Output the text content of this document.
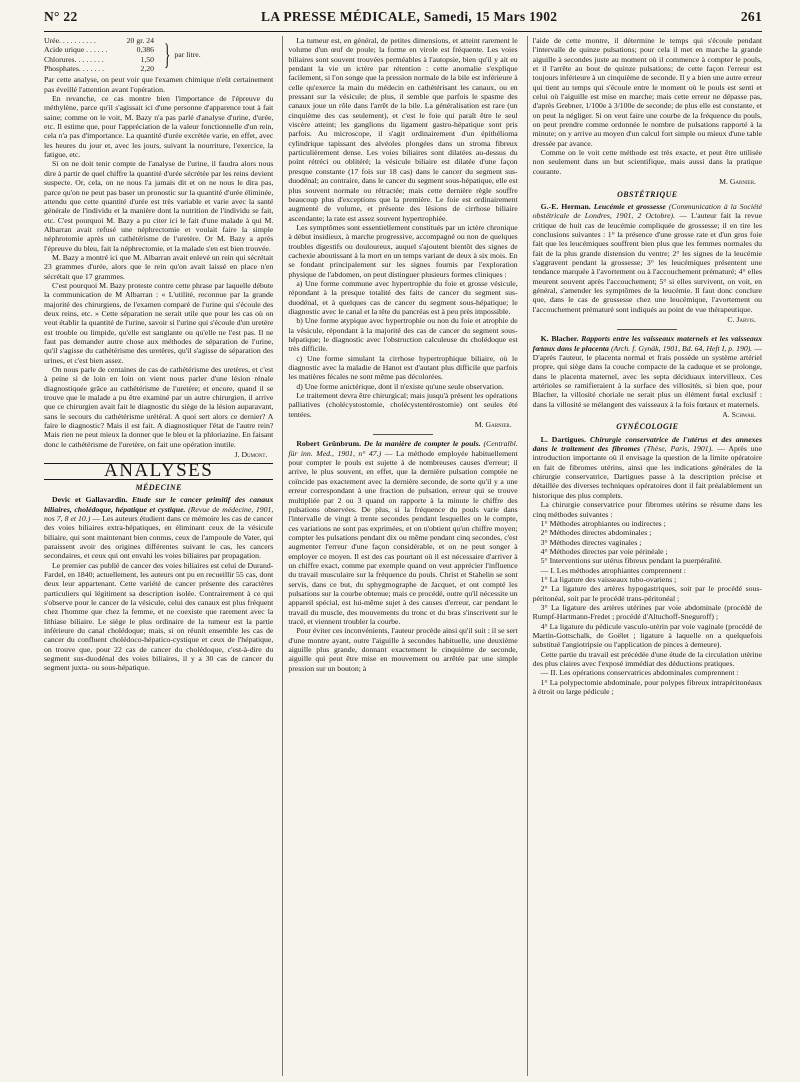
N° 22	LA PRESSE MÉDICALE, Samedi, 15 Mars 1902	261
Urée. . . . . . . . . .
Acide urique . . . . . .
Chlorures. . . . . . . .
Phosphates. . . . . . .
20 gr. 24
0,386
1,50
2,20 } par litre.

Par cette analyse, on peut voir que l'examen chimique n'eût certainement pas éveillé l'attention avant l'opération.

En revanche, ce cas montre bien l'importance de l'épreuve du méthylène, parce qu'il s'agissait ici d'une personne d'apparence tout à fait saine; comme on le voit, M. Bazy n'a pas parlé d'analyse d'urine, d'urée, etc. Il estime que, pour l'appréciation de la valeur fonctionnelle d'un rein, cela n'a pas d'importance. La quantité d'urée excrétée varie, en effet, avec les heures du jour et, avec les jours, suivant la nourriture, l'exercice, la fatigue, etc.

Si on ne doit tenir compte de l'analyse de l'urine, il faudra alors nous dire à partir de quel chiffre la quantité d'urée sécrétée par les reins devient suspecte. Or, cela, on ne nous l'a jamais dit et on ne nous le dira pas, parce qu'on ne peut pas baser un pronostic sur la quantité d'urée éliminée, attendu que cette quantité d'urée est très variable et varie avec la santé générale de l'individu et la manière dont la nutrition de l'individu se fait, etc. C'est pourquoi M. Bazy a pu citer ici le fait d'une malade à qui M. Albarran avait refusé une néphrectomie et voulait faire la simple néphrotomie après un cathétérisme de l'uretère. Or M. Bazy a après l'épreuve du bleu, fait la néphrectomie, et la malade s'en est bien trouvée.

M. Bazy a montré ici que M. Albarran avait enlevé un rein qui sécrétait 23 grammes d'urée, alors que le rein qu'on avait laissé en place n'en sécrétait que 17 grammes.

C'est pourquoi M. Bazy proteste contre cette phrase par laquelle débute la communication de M Albarran : « L'utilité, reconnue par la grande majorité des chirurgiens, de l'examen comparé de l'urine qui s'écoule des deux reins, etc. » Cette séparation ne serait utile que pour les cas où on veut établir la quantité de l'urine, savoir si l'urine qui s'écoule d'un uretère est trouble ou limpide, qu'elle est sanglante ou qu'elle ne l'est pas. Il ne faut pas demander autre chose aux méthodes de séparation de l'urine, qu'il s'agisse du cathétérisme des uretères, qu'il s'agisse de séparation des urines, et c'est bien assez.

On nous parle de centaines de cas de cathétérisme des uretères, et c'est à peine si de loin en loin on vient nous parler d'une lésion rénale diagnostiquée grâce au cathétérisme de l'uretère; et encore, quand il se trouve que le malade a pu être examiné par un autre chirurgien, il arrive que ce chirurgien avait fait le diagnostic du siège de la lésion auparavant, sans le secours du cathétérisme urétéral. A quoi sert alors ce dernier? A faire le diagnostic? Mais il est fait. A diagnostiquer l'état de l'autre rein? Mais rien ne peut mieux la donner que le bleu et la phloriazine. En faisant donc le cathétérisme de l'uretère, on fait une opération inutile.

J. Dumont.
ANALYSES
MÉDECINE

Devic et Gallavardin. Etude sur le cancer primitif des canaux biliaires, cholédoque, hépatique et cystique. (Revue de médecine, 1901, nos 7, 8 et 10.) — Les auteurs étudient dans ce mémoire les cas de cancer des voies biliaires extra-hépatiques, en éliminant ceux de la vésicule biliaire, qui sont maintenant bien connus, ceux de l'ampoule de Vater, qui paraissent avoir des origines différentes suivant le cas, les cancers secondaires, et ceux qui ont envahi les voies biliaires par propagation.

Le premier cas publié de cancer des voies biliaires est celui de Durand-Fardel, en 1840; actuellement, les auteurs ont pu en recueillir 55 cas, dont deux leur appartenant. Cette variété de cancer présente des caractères particuliers qui légitiment sa description isolée. Contrairement à ce qui s'observe pour le cancer de la vésicule, celui des canaux est plus fréquent chez l'homme que chez la femme, et ne coexiste que rarement avec la lithiase biliaire. Le siège le plus ordinaire de la tumeur est la partie inférieure du canal cholédoque; mais, si on réunit ensemble les cas de cancer du confluent cholédoco-hépatico-cystique et ceux de l'hépatique, on trouve que, pour 22 cas de cancer du cholédoque, c'est-à-dire du segment sus-duodénal des voies biliaires, il y a 30 cas de cancer du segment juxta- ou sous-hépatique.

La tumeur est, en général, de petites dimensions, et atteint rarement le volume d'un œuf de poule; la forme en virole est fréquente. Les voies biliaires sont souvent trouvées perméables à l'autopsie, bien qu'il y ait eu pendant la vie un ictère par rétention : cette anomalie s'explique facilement, si l'on songe que la pression normale de la bile est inférieure à celle qu'exerce la main du médecin en cathétérisant les canaux, ou en pressant sur la vésicule; de plus, il semble que parfois le spasme des canaux joue un rôle dans l'arrêt de la bile. La généralisation est rare (un cinquième des cas seulement), et c'est le foie qui paraît être le seul viscère atteint; les ganglions du ligament gastro-hépatique sont pris parfois. Au microscope, il s'agit ordinairement d'un épithélioma cylindrique tapissant des alvéoles plongées dans un stroma fibreux particulièrement dense. Les voies biliaires sont dilatées au-dessus du point rétréci ou oblitéré; la vésicule biliaire est dilatée d'une façon presque constante (17 fois sur 18 cas) dans le cancer du segment sus-duodénal; au contraire, dans le cancer du segment sous-hépatique, elle est plus souvent normale ou rétractée; mais cette dernière règle souffre beaucoup plus d'exceptions que la première. Le foie est ordinairement augmenté de volume, et présente des lésions de cirrhose biliaire ascendante; la rate est assez souvent hypertrophiée.

Les symptômes sont essentiellement constitués par un ictère chronique à début insidieux, à marche progressive, accompagné ou non de quelques troubles digestifs ou douloureux, auquel s'ajoutent bientôt des signes de cachexie aboutissant à la mort en un temps variant de deux à six mois. En se fondant principalement sur les signes fournis par l'exploration physique de l'abdomen, on peut distinguer plusieurs formes cliniques :

a) Une forme commune avec hypertrophie du foie et grosse vésicule, répondant à la presque totalité des faits de cancer du segment sus-duodénal, et à quelques cas de cancer du segment sous-hépatique; le diagnostic avec le canal et la tête du pancréas est à peu près impossible.

b) Une forme atypique avec hypertrophie ou non du foie et atrophie de la vésicule, répondant à la majorité des cas de cancer du segment sous-hépatique; le diagnostic avec l'obstruction calculeuse du cholédoque est très difficile.

c) Une forme simulant la cirrhose hypertrophique biliaire, où le diagnostic avec la maladie de Hanot est d'autant plus difficile que parfois les matières fécales ne sont même pas décolorées.

d) Une forme anictérique, dont il n'existe qu'une seule observation.

Le traitement devra être chirurgical; mais jusqu'à présent les opérations palliatives (cholécystostomie, cholécystentérostomie) ont seules été tentées.

M. Garnier.

Robert Grünbrum. De la manière de compter le pouls. (Centralbl. für inn. Med., 1901, n° 47.) — La méthode employée habituellement pour compter le pouls est sujette à de nombreuses causes d'erreur; il arrive, le plus souvent, en effet, que la dernière pulsation comptée ne coïncide pas exactement avec la dernière seconde, de sorte qu'il y a une erreur correspondant à une fraction de pulsation, erreur qui se trouve multipliée par 2 ou 3 quand on rapporte à la minute le chiffre des pulsations observées. De plus, si la fréquence du pouls varie dans l'intervalle de vingt à trente secondes pendant lesquelles on le compte, ces variations ne sont pas exprimées, et on n'obtient qu'un chiffre moyen; compter les pulsations pendant dix ou même pendant cinq secondes, c'est augmenter l'erreur d'une façon considérable, et on ne peut songer à employer ce moyen. Il est des cas pourtant où il est nécessaire d'arriver à un chiffre exact, comme par exemple quand on veut apprécier l'influence du travail musculaire sur la fréquence du pouls. Christ et Stahelin se sont servis, dans ce but, du sphygmographe de Jacquet, et ont compté les pulsations sur la courbe obtenue; mais ce procédé, outre qu'il nécessite un appareil spécial, est lui-même sujet à des causes d'erreur, car pendant le travail du muscle, des mouvements du tronc et du bras s'inscrivent sur le tracé, et viennent troubler la courbe.

Pour éviter ces inconvénients, l'auteur procède ainsi qu'il suit : il se sert d'une montre ayant, outre l'aiguille à secondes habituelle, une deuxième aiguille plus grande, donnant exactement le cinquième de seconde, aiguille qui peut être mise en mouvement ou arrêtée par une simple pression sur un bouton; à

l'aide de cette montre, il détermine le temps qui s'écoule pendant l'intervalle de quinze pulsations; pour cela il met en marche la grande aiguille à secondes juste au moment où il commence à compter le pouls, et il l'arrête au bout de quinze pulsations; de cette façon l'erreur est toujours inférieure à un cinquième de seconde. Il y a bien une autre erreur qui tient au temps qui s'écoule entre le moment où le pouls est senti et celui où l'aiguille est mise en marche; mais cette erreur ne dépasse pas, d'après Grebner, 1/100e à 3/100e de seconde; de plus elle est constante, et on peut la négliger. Si on veut faire une courbe de la fréquence du pouls, on peut prendre comme ordonnée le nombre de pulsations rapporté à la minute; on y arrive au moyen d'un calcul fort simple ou mieux d'une table dressée par avance.

Comme on le voit cette méthode est très exacte, et peut être utilisée non seulement dans un but scientifique, mais aussi dans la pratique courante.

M. Garnier.
OBSTÉTRIQUE

G.-E. Herman. Leucémie et grossesse (Communication à la Société obstétricale de Londres, 1901, 2 Octobre). — L'auteur fait la revue critique de huit cas de leucémie compliquée de grossesse; il en tire les conclusions suivantes : 1° la présence d'une grosse rate et d'un gros foie fait que les leucémiques souffrent bien plus que les femmes normales du fait de la plus grande distension du ventre; 2° les signes de la leucémie s'aggravent pendant la grossesse; 3° les leucémiques présentent une tendance marquée à l'avortement ou à l'accouchement prématuré; 4° elles meurent souvent après l'accouchement; 5° si elles survivent, on voit, en général, s'amender les symptômes de la leucémie. Il faut donc conclure que, dans le cas de grossesse chez une leucémique, l'avortement ou l'accouchement prématuré sont indiqués au point de vue thérapeutique.

C. Jarvis.

K. Blacher. Rapports entre les vaisseaux maternels et les vaisseaux fœtaux dans le placenta (Arch. f. Gynäk, 1901, Bd. 64, Heft I, p. 190). — D'après l'auteur, le placenta normal et frais possède un système artériel propre, qui siège dans la couche compacte de la caduque et se prolonge, dans le placenta maternel, avec les septa déciduaux intervilleux. Ces artérioles se ramifieraient à la surface des villosités, si bien que, pour Blacher, la villosité choriale ne serait plus un élément fœtal exclusif : dans la villosité se mélangent des vaisseaux à la fois fœtaux et maternels.

A. Schwab.
GYNÉCOLOGIE

L. Dartigues. Chirurgie conservatrice de l'utérus et des annexes dans le traitement des fibromes (Thèse, Paris, 1901). — Après une introduction importante où il envisage la question de la limite opératoire en fait de fibromes utérins, ainsi que les indications générales de la chirurgie conservatrice, Dartigues passe à la description précise et détaillée des diverses techniques opératoires dont il fait préalablement un historique des plus complets.

La chirurgie conservatrice pour fibromes utérins se résume dans les cinq méthodes suivantes :

1° Méthodes atrophiantes ou indirectes ;

2° Méthodes directes abdominales ;

3° Méthodes directes vaginales ;

4° Méthodes directes par voie périnéale ;

5° Interventions sur utérus fibreux pendant la puerpéralité.

— I. Les méthodes atrophiantes comprennent :

1° La ligature des vaisseaux tubo-ovariens ;

2° La ligature des artères hypogastriques, soit par le procédé sous-péritonéal, soit par le procédé trans-péritonéal ;

3° La ligature des artères utérines par voie abdominale (procédé de Rumpf-Hartmann-Fredet ; procédé d'Altuchoff-Sneguroff) ;

4° La ligature du pédicule vasculo-utérin par voie vaginale (procédé de Martin-Gottschalk, de Goëlet ; ligature à laquelle on a quelquefois substitué l'angiotripsie ou l'application de pinces à demeure).

Cette partie du travail est précédée d'une étude de la circulation utérine des plus claires avec l'exposé immédiat des déductions pratiques.

— II. Les opérations conservatrices abdominales comprennent :

1° La polypectomie abdominale, pour polypes fibreux intrapéritonéaux à étroit ou large pédicule ;
